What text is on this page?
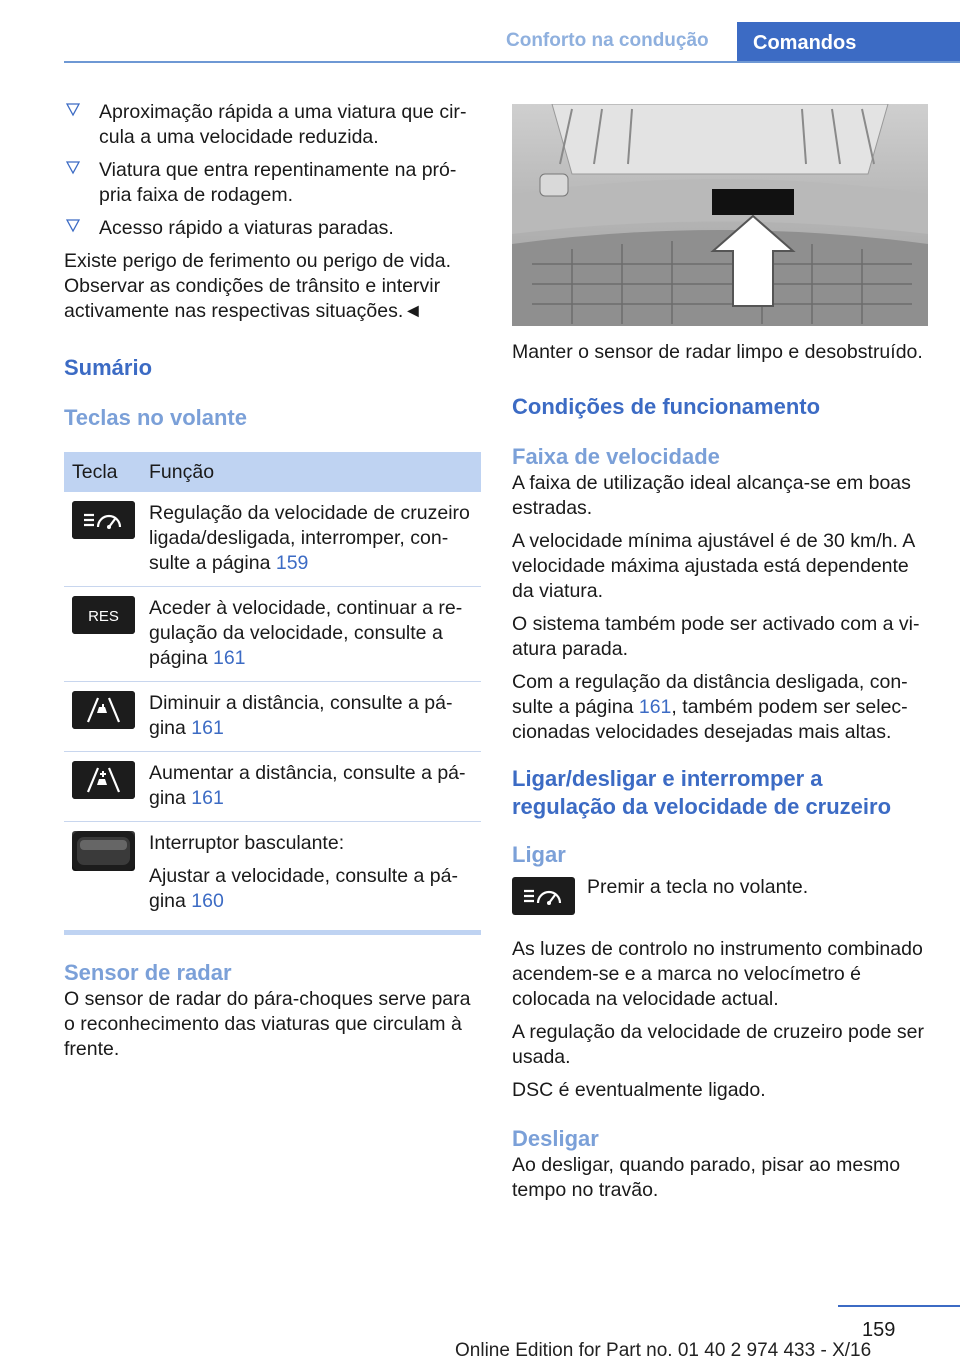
Conforto na condução	Comandos
Aproximação rápida a uma viatura que circula a uma velocidade reduzida.
Viatura que entra repentinamente na própria faixa de rodagem.
Acesso rápido a viaturas paradas.

Existe perigo de ferimento ou perigo de vida. Observar as condições de trânsito e intervir activamente nas respectivas situações.◄

Sumário
Teclas no volante
Tecla	Função

	Regulação da velocidade de cruzeiro ligada/desligada, interromper, consulte a página 159

RES	Aceder à velocidade, continuar a regulação da velocidade, consulte a página 161

	Diminuir a distância, consulte a página 161

	Aumentar a distância, consulte a página 161

Interruptor basculante:
Ajustar a velocidade, consulte a página 160
Sensor de radar

O sensor de radar do pára-choques serve para o reconhecimento das viaturas que circulam à frente.

Manter o sensor de radar limpo e desobstruído.

Condições de funcionamento
Faixa de velocidade

A faixa de utilização ideal alcança-se em boas estradas.

A velocidade mínima ajustável é de 30 km/h. A velocidade máxima ajustada está dependente da viatura.

O sistema também pode ser activado com a viatura parada.

Com a regulação da distância desligada, consulte a página 161, também podem ser seleccionadas velocidades desejadas mais altas.

Ligar/desligar e interromper a regulação da velocidade de cruzeiro
Ligar

Premir a tecla no volante.

As luzes de controlo no instrumento combinado acendem-se e a marca no velocímetro é colocada na velocidade actual.

A regulação da velocidade de cruzeiro pode ser usada.

DSC é eventualmente ligado.

Desligar

Ao desligar, quando parado, pisar ao mesmo tempo no travão.

159
Online Edition for Part no. 01 40 2 974 433 - X/16
